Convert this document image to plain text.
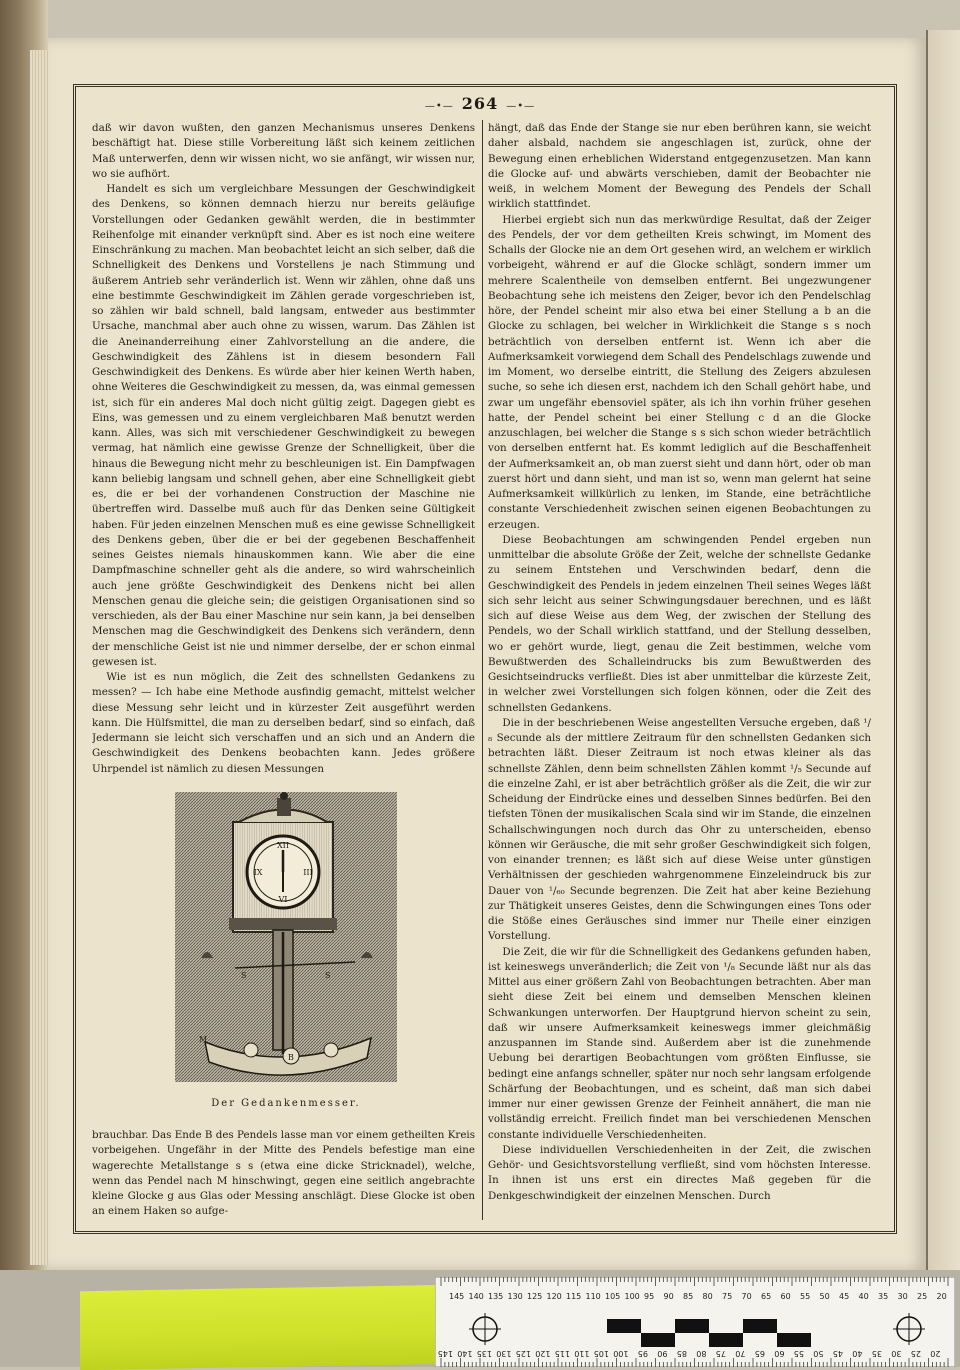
—•— 264 —•—

daß wir davon wußten, den ganzen Mechanismus unseres Denkens beschäftigt hat. Diese stille Vorbereitung läßt sich keinem zeitlichen Maß unterwerfen, denn wir wissen nicht, wo sie anfängt, wir wissen nur, wo sie aufhört.

Handelt es sich um vergleichbare Messungen der Geschwindigkeit des Denkens, so können demnach hierzu nur bereits geläufige Vorstellungen oder Gedanken gewählt werden, die in bestimmter Reihenfolge mit einander verknüpft sind. Aber es ist noch eine weitere Einschränkung zu machen. Man beobachtet leicht an sich selber, daß die Schnelligkeit des Denkens und Vorstellens je nach Stimmung und äußerem Antrieb sehr veränderlich ist. Wenn wir zählen, ohne daß uns eine bestimmte Geschwindigkeit im Zählen gerade vorgeschrieben ist, so zählen wir bald schnell, bald langsam, entweder aus bestimmter Ursache, manchmal aber auch ohne zu wissen, warum. Das Zählen ist die Aneinanderreihung einer Zahlvorstellung an die andere, die Geschwindigkeit des Zählens ist in diesem besondern Fall Geschwindigkeit des Denkens. Es würde aber hier keinen Werth haben, ohne Weiteres die Geschwindigkeit zu messen, da, was einmal gemessen ist, sich für ein anderes Mal doch nicht gültig zeigt. Dagegen giebt es Eins, was gemessen und zu einem vergleichbaren Maß benutzt werden kann. Alles, was sich mit verschiedener Geschwindigkeit zu bewegen vermag, hat nämlich eine gewisse Grenze der Schnelligkeit, über die hinaus die Bewegung nicht mehr zu beschleunigen ist. Ein Dampfwagen kann beliebig langsam und schnell gehen, aber eine Schnelligkeit giebt es, die er bei der vorhandenen Construction der Maschine nie übertreffen wird. Dasselbe muß auch für das Denken seine Gültigkeit haben. Für jeden einzelnen Menschen muß es eine gewisse Schnelligkeit des Denkens geben, über die er bei der gegebenen Beschaffenheit seines Geistes niemals hinauskommen kann. Wie aber die eine Dampfmaschine schneller geht als die andere, so wird wahrscheinlich auch jene größte Geschwindigkeit des Denkens nicht bei allen Menschen genau die gleiche sein; die geistigen Organisationen sind so verschieden, als der Bau einer Maschine nur sein kann, ja bei denselben Menschen mag die Geschwindigkeit des Denkens sich verändern, denn der menschliche Geist ist nie und nimmer derselbe, der er schon einmal gewesen ist.

Wie ist es nun möglich, die Zeit des schnellsten Gedankens zu messen? — Ich habe eine Methode ausfindig gemacht, mittelst welcher diese Messung sehr leicht und in kürzester Zeit ausgeführt werden kann. Die Hülfsmittel, die man zu derselben bedarf, sind so einfach, daß Jedermann sie leicht sich verschaffen und an sich und an Andern die Geschwindigkeit des Denkens beobachten kann. Jedes größere Uhrpendel ist nämlich zu diesen Messungen

XII
III
VI
IX
S	S
B
M
Der Gedankenmesser.

brauchbar. Das Ende B des Pendels lasse man vor einem getheilten Kreis vorbeigehen. Ungefähr in der Mitte des Pendels befestige man eine wagerechte Metallstange s s (etwa eine dicke Stricknadel), welche, wenn das Pendel nach M hinschwingt, gegen eine seitlich angebrachte kleine Glocke g aus Glas oder Messing anschlägt. Diese Glocke ist oben an einem Haken so aufge-

hängt, daß das Ende der Stange sie nur eben berühren kann, sie weicht daher alsbald, nachdem sie angeschlagen ist, zurück, ohne der Bewegung einen erheblichen Widerstand entgegenzusetzen. Man kann die Glocke auf- und abwärts verschieben, damit der Beobachter nie weiß, in welchem Moment der Bewegung des Pendels der Schall wirklich stattfindet.

Hierbei ergiebt sich nun das merkwürdige Resultat, daß der Zeiger des Pendels, der vor dem getheilten Kreis schwingt, im Moment des Schalls der Glocke nie an dem Ort gesehen wird, an welchem er wirklich vorbeigeht, während er auf die Glocke schlägt, sondern immer um mehrere Scalentheile von demselben entfernt. Bei ungezwungener Beobachtung sehe ich meistens den Zeiger, bevor ich den Pendelschlag höre, der Pendel scheint mir also etwa bei einer Stellung a b an die Glocke zu schlagen, bei welcher in Wirklichkeit die Stange s s noch beträchtlich von derselben entfernt ist. Wenn ich aber die Aufmerksamkeit vorwiegend dem Schall des Pendelschlags zuwende und im Moment, wo derselbe eintritt, die Stellung des Zeigers abzulesen suche, so sehe ich diesen erst, nachdem ich den Schall gehört habe, und zwar um ungefähr ebensoviel später, als ich ihn vorhin früher gesehen hatte, der Pendel scheint bei einer Stellung c d an die Glocke anzuschlagen, bei welcher die Stange s s sich schon wieder beträchtlich von derselben entfernt hat. Es kommt lediglich auf die Beschaffenheit der Aufmerksamkeit an, ob man zuerst sieht und dann hört, oder ob man zuerst hört und dann sieht, und man ist so, wenn man gelernt hat seine Aufmerksamkeit willkürlich zu lenken, im Stande, eine beträchtliche constante Verschiedenheit zwischen seinen eigenen Beobachtungen zu erzeugen.

Diese Beobachtungen am schwingenden Pendel ergeben nun unmittelbar die absolute Größe der Zeit, welche der schnellste Gedanke zu seinem Entstehen und Verschwinden bedarf, denn die Geschwindigkeit des Pendels in jedem einzelnen Theil seines Weges läßt sich sehr leicht aus seiner Schwingungsdauer berechnen, und es läßt sich auf diese Weise aus dem Weg, der zwischen der Stellung des Pendels, wo der Schall wirklich stattfand, und der Stellung desselben, wo er gehört wurde, liegt, genau die Zeit bestimmen, welche vom Bewußtwerden des Schalleindrucks bis zum Bewußtwerden des Gesichtseindrucks verfließt. Dies ist aber unmittelbar die kürzeste Zeit, in welcher zwei Vorstellungen sich folgen können, oder die Zeit des schnellsten Gedankens.

Die in der beschriebenen Weise angestellten Versuche ergeben, daß ¹/₈ Secunde als der mittlere Zeitraum für den schnellsten Gedanken sich betrachten läßt. Dieser Zeitraum ist noch etwas kleiner als das schnellste Zählen, denn beim schnellsten Zählen kommt ¹/₅ Secunde auf die einzelne Zahl, er ist aber beträchtlich größer als die Zeit, die wir zur Scheidung der Eindrücke eines und desselben Sinnes bedürfen. Bei den tiefsten Tönen der musikalischen Scala sind wir im Stande, die einzelnen Schallschwingungen noch durch das Ohr zu unterscheiden, ebenso können wir Geräusche, die mit sehr großer Geschwindigkeit sich folgen, von einander trennen; es läßt sich auf diese Weise unter günstigen Verhältnissen der geschieden wahrgenommene Einzeleindruck bis zur Dauer von ¹/₆₀ Secunde begrenzen. Die Zeit hat aber keine Beziehung zur Thätigkeit unseres Geistes, denn die Schwingungen eines Tons oder die Stöße eines Geräusches sind immer nur Theile einer einzigen Vorstellung.

Die Zeit, die wir für die Schnelligkeit des Gedankens gefunden haben, ist keineswegs unveränderlich; die Zeit von ¹/₈ Secunde läßt nur als das Mittel aus einer größern Zahl von Beobachtungen betrachten. Aber man sieht diese Zeit bei einem und demselben Menschen kleinen Schwankungen unterworfen. Der Hauptgrund hiervon scheint zu sein, daß wir unsere Aufmerksamkeit keineswegs immer gleichmäßig anzuspannen im Stande sind. Außerdem aber ist die zunehmende Uebung bei derartigen Beobachtungen vom größten Einflusse, sie bedingt eine anfangs schneller, später nur noch sehr langsam erfolgende Schärfung der Beobachtungen, und es scheint, daß man sich dabei immer nur einer gewissen Grenze der Feinheit annähert, die man nie vollständig erreicht. Freilich findet man bei verschiedenen Menschen constante individuelle Verschiedenheiten.

Diese individuellen Verschiedenheiten in der Zeit, die zwischen Gehör- und Gesichtsvorstellung verfließt, sind vom höchsten Interesse. In ihnen ist uns erst ein directes Maß gegeben für die Denkgeschwindigkeit der einzelnen Menschen. Durch

145 140 135 130 125 120 115 110 105 100 95 90 85 80 75 70 65 60 55 50 45 40 35 30 25 20
145 140 135 130 125 120 115 110 105 100 95 90 85 80 75 70 65 60 55 50 45 40 35 30 25 20
